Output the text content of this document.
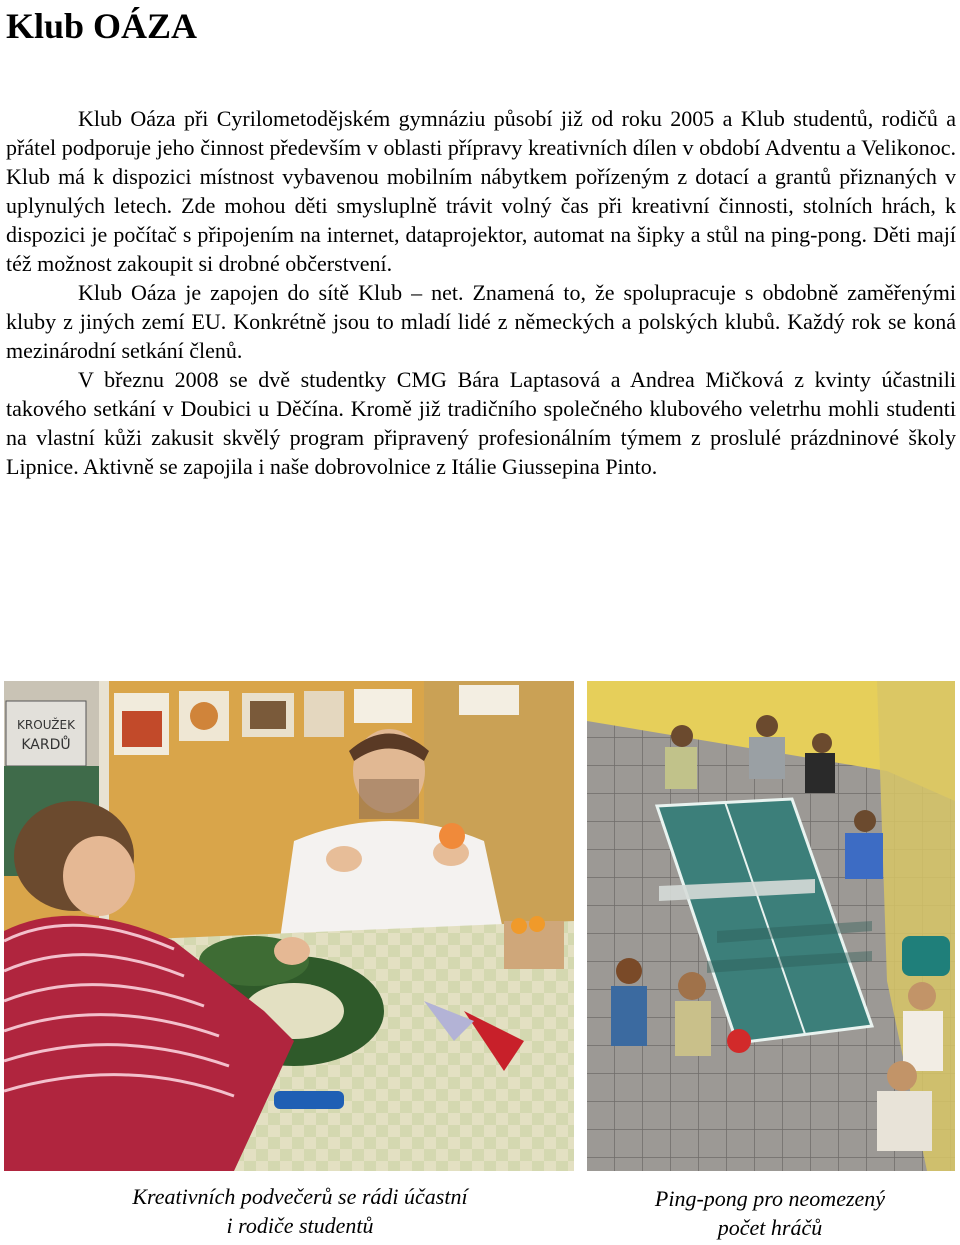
Klub OÁZA

Klub Oáza při Cyrilometodějském gymnáziu působí již od roku 2005 a Klub studentů, rodičů a přátel podporuje jeho činnost především v oblasti přípravy kreativních dílen v období Adventu a Velikonoc. Klub má k dispozici místnost vybavenou mobilním nábytkem pořízeným z dotací a grantů přiznaných v uplynulých letech. Zde mohou děti smysluplně trávit volný čas při kreativní činnosti, stolních hrách, k dispozici je počítač s připojením na internet, dataprojektor, automat na šipky a stůl na ping-pong. Děti mají též možnost zakoupit si drobné občerstvení.

Klub Oáza je zapojen do sítě Klub – net. Znamená to, že spolupracuje s obdobně zaměřenými kluby z jiných zemí EU. Konkrétně jsou to mladí lidé z německých a polských klubů. Každý rok se koná mezinárodní setkání členů.

V březnu 2008 se dvě studentky CMG Bára Laptasová a Andrea Mičková z kvinty účastnili takového setkání v Doubici u Děčína. Kromě již tradičního společného klubového veletrhu mohli studenti na vlastní kůži zakusit skvělý program připravený profesionálním týmem z proslulé prázdninové školy Lipnice. Aktivně se zapojila i naše dobrovolnice z Itálie Giussepina Pinto.

KROUŽEK
KARDŮ
Kreativních podvečerů se rádi účastní
i rodiče studentů
Ping-pong pro neomezený
počet hráčů
